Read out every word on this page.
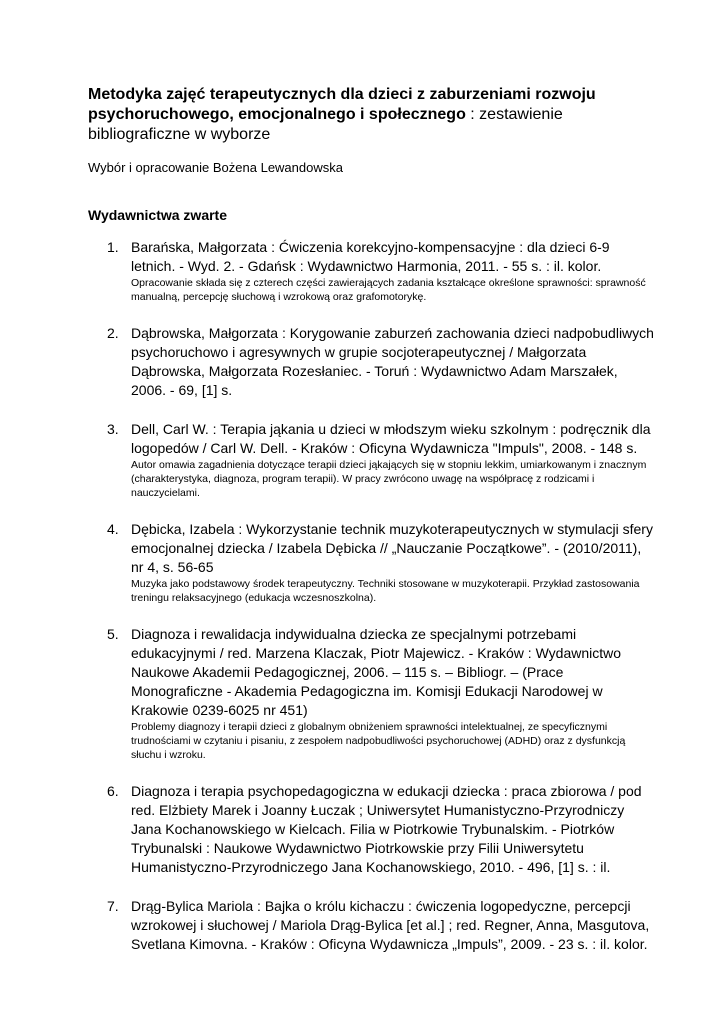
Metodyka zajęć terapeutycznych dla dzieci z zaburzeniami rozwoju psychoruchowego, emocjonalnego i społecznego : zestawienie bibliograficzne w wyborze
Wybór i opracowanie Bożena Lewandowska
Wydawnictwa zwarte
1. Barańska, Małgorzata : Ćwiczenia korekcyjno-kompensacyjne : dla dzieci 6-9 letnich. - Wyd. 2. - Gdańsk : Wydawnictwo Harmonia, 2011. - 55 s. : il. kolor.

Opracowanie składa się z czterech części zawierających zadania kształcące określone sprawności: sprawność manualną, percepcję słuchową i wzrokową oraz grafomotorykę.

2. Dąbrowska, Małgorzata : Korygowanie zaburzeń zachowania dzieci nadpobudliwych psychoruchowo i agresywnych w grupie socjoterapeutycznej / Małgorzata Dąbrowska, Małgorzata Rozesłaniec. - Toruń : Wydawnictwo Adam Marszałek, 2006. - 69, [1] s.

3. Dell, Carl W. : Terapia jąkania u dzieci w młodszym wieku szkolnym : podręcznik dla logopedów / Carl W. Dell. - Kraków : Oficyna Wydawnicza "Impuls", 2008. - 148 s.

Autor omawia zagadnienia dotyczące terapii dzieci jąkających się w stopniu lekkim, umiarkowanym i znacznym (charakterystyka, diagnoza, program terapii). W pracy zwrócono uwagę na współpracę z rodzicami i nauczycielami.

4. Dębicka, Izabela : Wykorzystanie technik muzykoterapeutycznych w stymulacji sfery emocjonalnej dziecka / Izabela Dębicka // „Nauczanie Początkowe”. - (2010/2011), nr 4, s. 56-65

Muzyka jako podstawowy środek terapeutyczny. Techniki stosowane w muzykoterapii. Przykład zastosowania treningu relaksacyjnego (edukacja wczesnoszkolna).

5. Diagnoza i rewalidacja indywidualna dziecka ze specjalnymi potrzebami edukacyjnymi / red. Marzena Klaczak, Piotr Majewicz. - Kraków : Wydawnictwo Naukowe Akademii Pedagogicznej, 2006. – 115 s. – Bibliogr. – (Prace Monograficzne - Akademia Pedagogiczna im. Komisji Edukacji Narodowej w Krakowie 0239-6025 nr 451)

Problemy diagnozy i terapii dzieci z globalnym obniżeniem sprawności intelektualnej, ze specyficznymi trudnościami w czytaniu i pisaniu, z zespołem nadpobudliwości psychoruchowej (ADHD) oraz z dysfunkcją słuchu i wzroku.

6. Diagnoza i terapia psychopedagogiczna w edukacji dziecka : praca zbiorowa / pod red. Elżbiety Marek i Joanny Łuczak ; Uniwersytet Humanistyczno-Przyrodniczy Jana Kochanowskiego w Kielcach. Filia w Piotrkowie Trybunalskim. - Piotrków Trybunalski : Naukowe Wydawnictwo Piotrkowskie przy Filii Uniwersytetu Humanistyczno-Przyrodniczego Jana Kochanowskiego, 2010. - 496, [1] s. : il.

7. Drąg-Bylica Mariola : Bajka o królu kichaczu : ćwiczenia logopedyczne, percepcji wzrokowej i słuchowej / Mariola Drąg-Bylica [et al.] ; red. Regner, Anna, Masgutova, Svetlana Kimovna. - Kraków : Oficyna Wydawnicza „Impuls”, 2009. - 23 s. : il. kolor.
